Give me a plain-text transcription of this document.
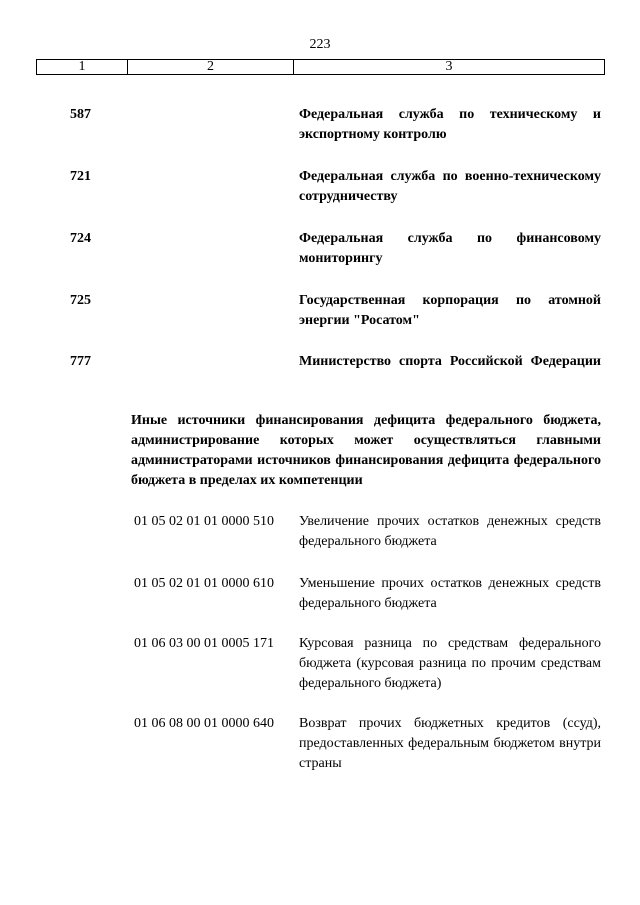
223
1	2	3
587	Федеральная служба по техническому и экспортному контролю
721	Федеральная служба по военно-техническому сотрудничеству
724	Федеральная служба по финансовому мониторингу
725	Государственная корпорация по атомной энергии "Росатом"
777	Министерство спорта Российской Федерации
Иные источники финансирования дефицита федерального бюджета, администрирование которых может осуществляться главными администраторами источников финансирования дефицита федерального бюджета в пределах их компетенции
01 05 02 01 01 0000 510 Увеличение прочих остатков денежных средств федерального бюджета
01 05 02 01 01 0000 610 Уменьшение прочих остатков денежных средств федерального бюджета
01 06 03 00 01 0005 171 Курсовая разница по средствам федерального бюджета (курсовая разница по прочим средствам федерального бюджета)
01 06 08 00 01 0000 640 Возврат прочих бюджетных кредитов (ссуд), предоставленных федеральным бюджетом внутри страны
